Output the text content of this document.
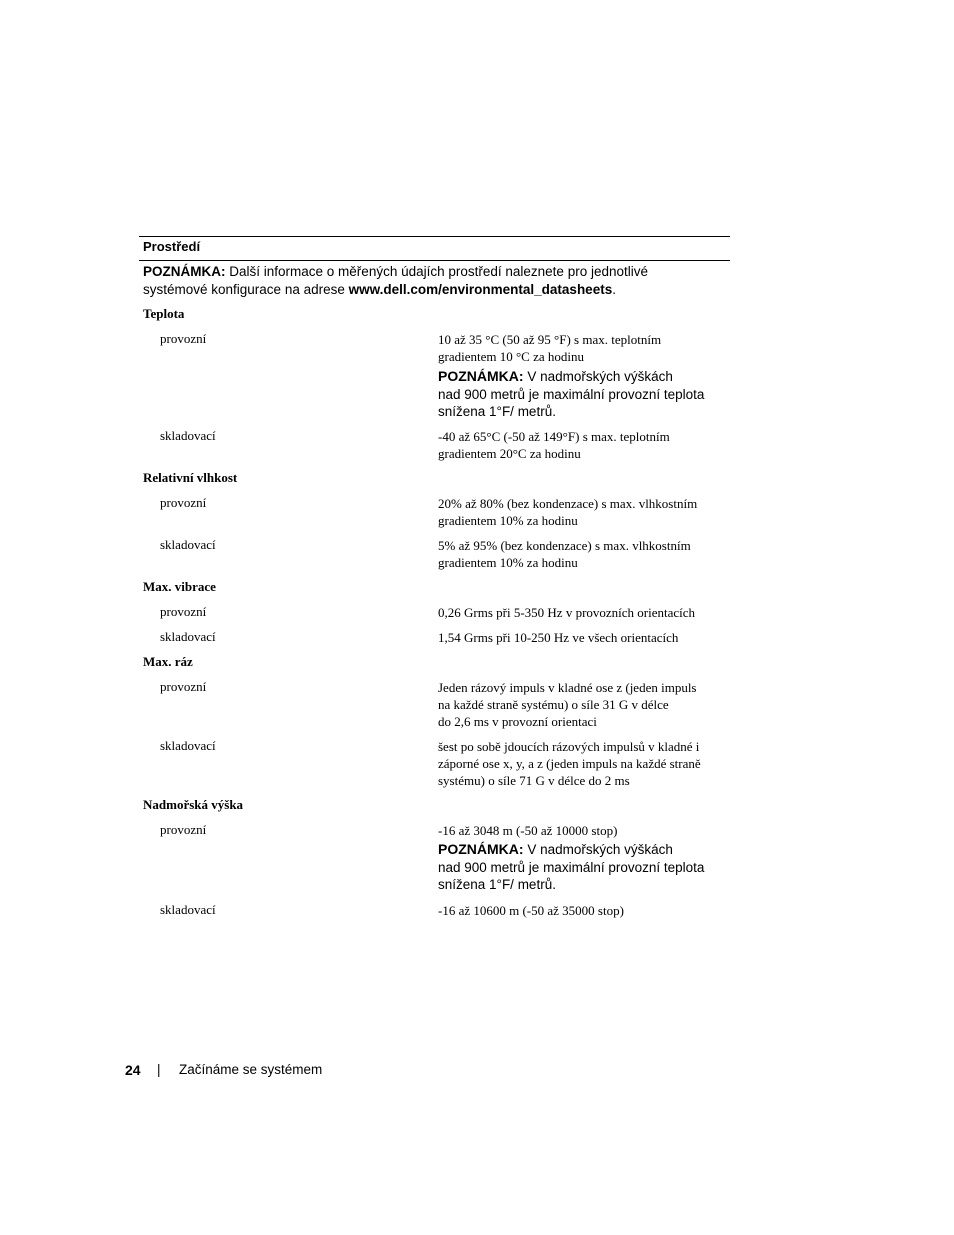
Prostředí
POZNÁMKA: Další informace o měřených údajích prostředí naleznete pro jednotlivé
systémové konfigurace na adrese www.dell.com/environmental_datasheets.
Teplota
provozní	10 až 35 °C (50 až 95 °F) s max. teplotním
gradientem 10 °C za hodinu
POZNÁMKA: V nadmořských výškách
nad 900 metrů je maximální provozní teplota
snížena 1°F/ metrů.
skladovací	-40 až 65°C (-50 až 149°F) s max. teplotním
gradientem 20°C za hodinu
Relativní vlhkost
provozní	20% až 80% (bez kondenzace) s max. vlhkostním
gradientem 10% za hodinu
skladovací	5% až 95% (bez kondenzace) s max. vlhkostním
gradientem 10% za hodinu
Max. vibrace
provozní	0,26 Grms při 5-350 Hz v provozních orientacích
skladovací	1,54 Grms při 10-250 Hz ve všech orientacích
Max. ráz
provozní	Jeden rázový impuls v kladné ose z (jeden impuls
na každé straně systému) o síle 31 G v délce
do 2,6 ms v provozní orientaci
skladovací	šest po sobě jdoucích rázových impulsů v kladné i
záporné ose x, y, a z (jeden impuls na každé straně
systému) o síle 71 G v délce do 2 ms
Nadmořská výška
provozní	-16 až 3048 m (-50 až 10000 stop)
POZNÁMKA: V nadmořských výškách
nad 900 metrů je maximální provozní teplota
snížena 1°F/ metrů.
skladovací	-16 až 10600 m (-50 až 35000 stop)
24 | Začínáme se systémem
